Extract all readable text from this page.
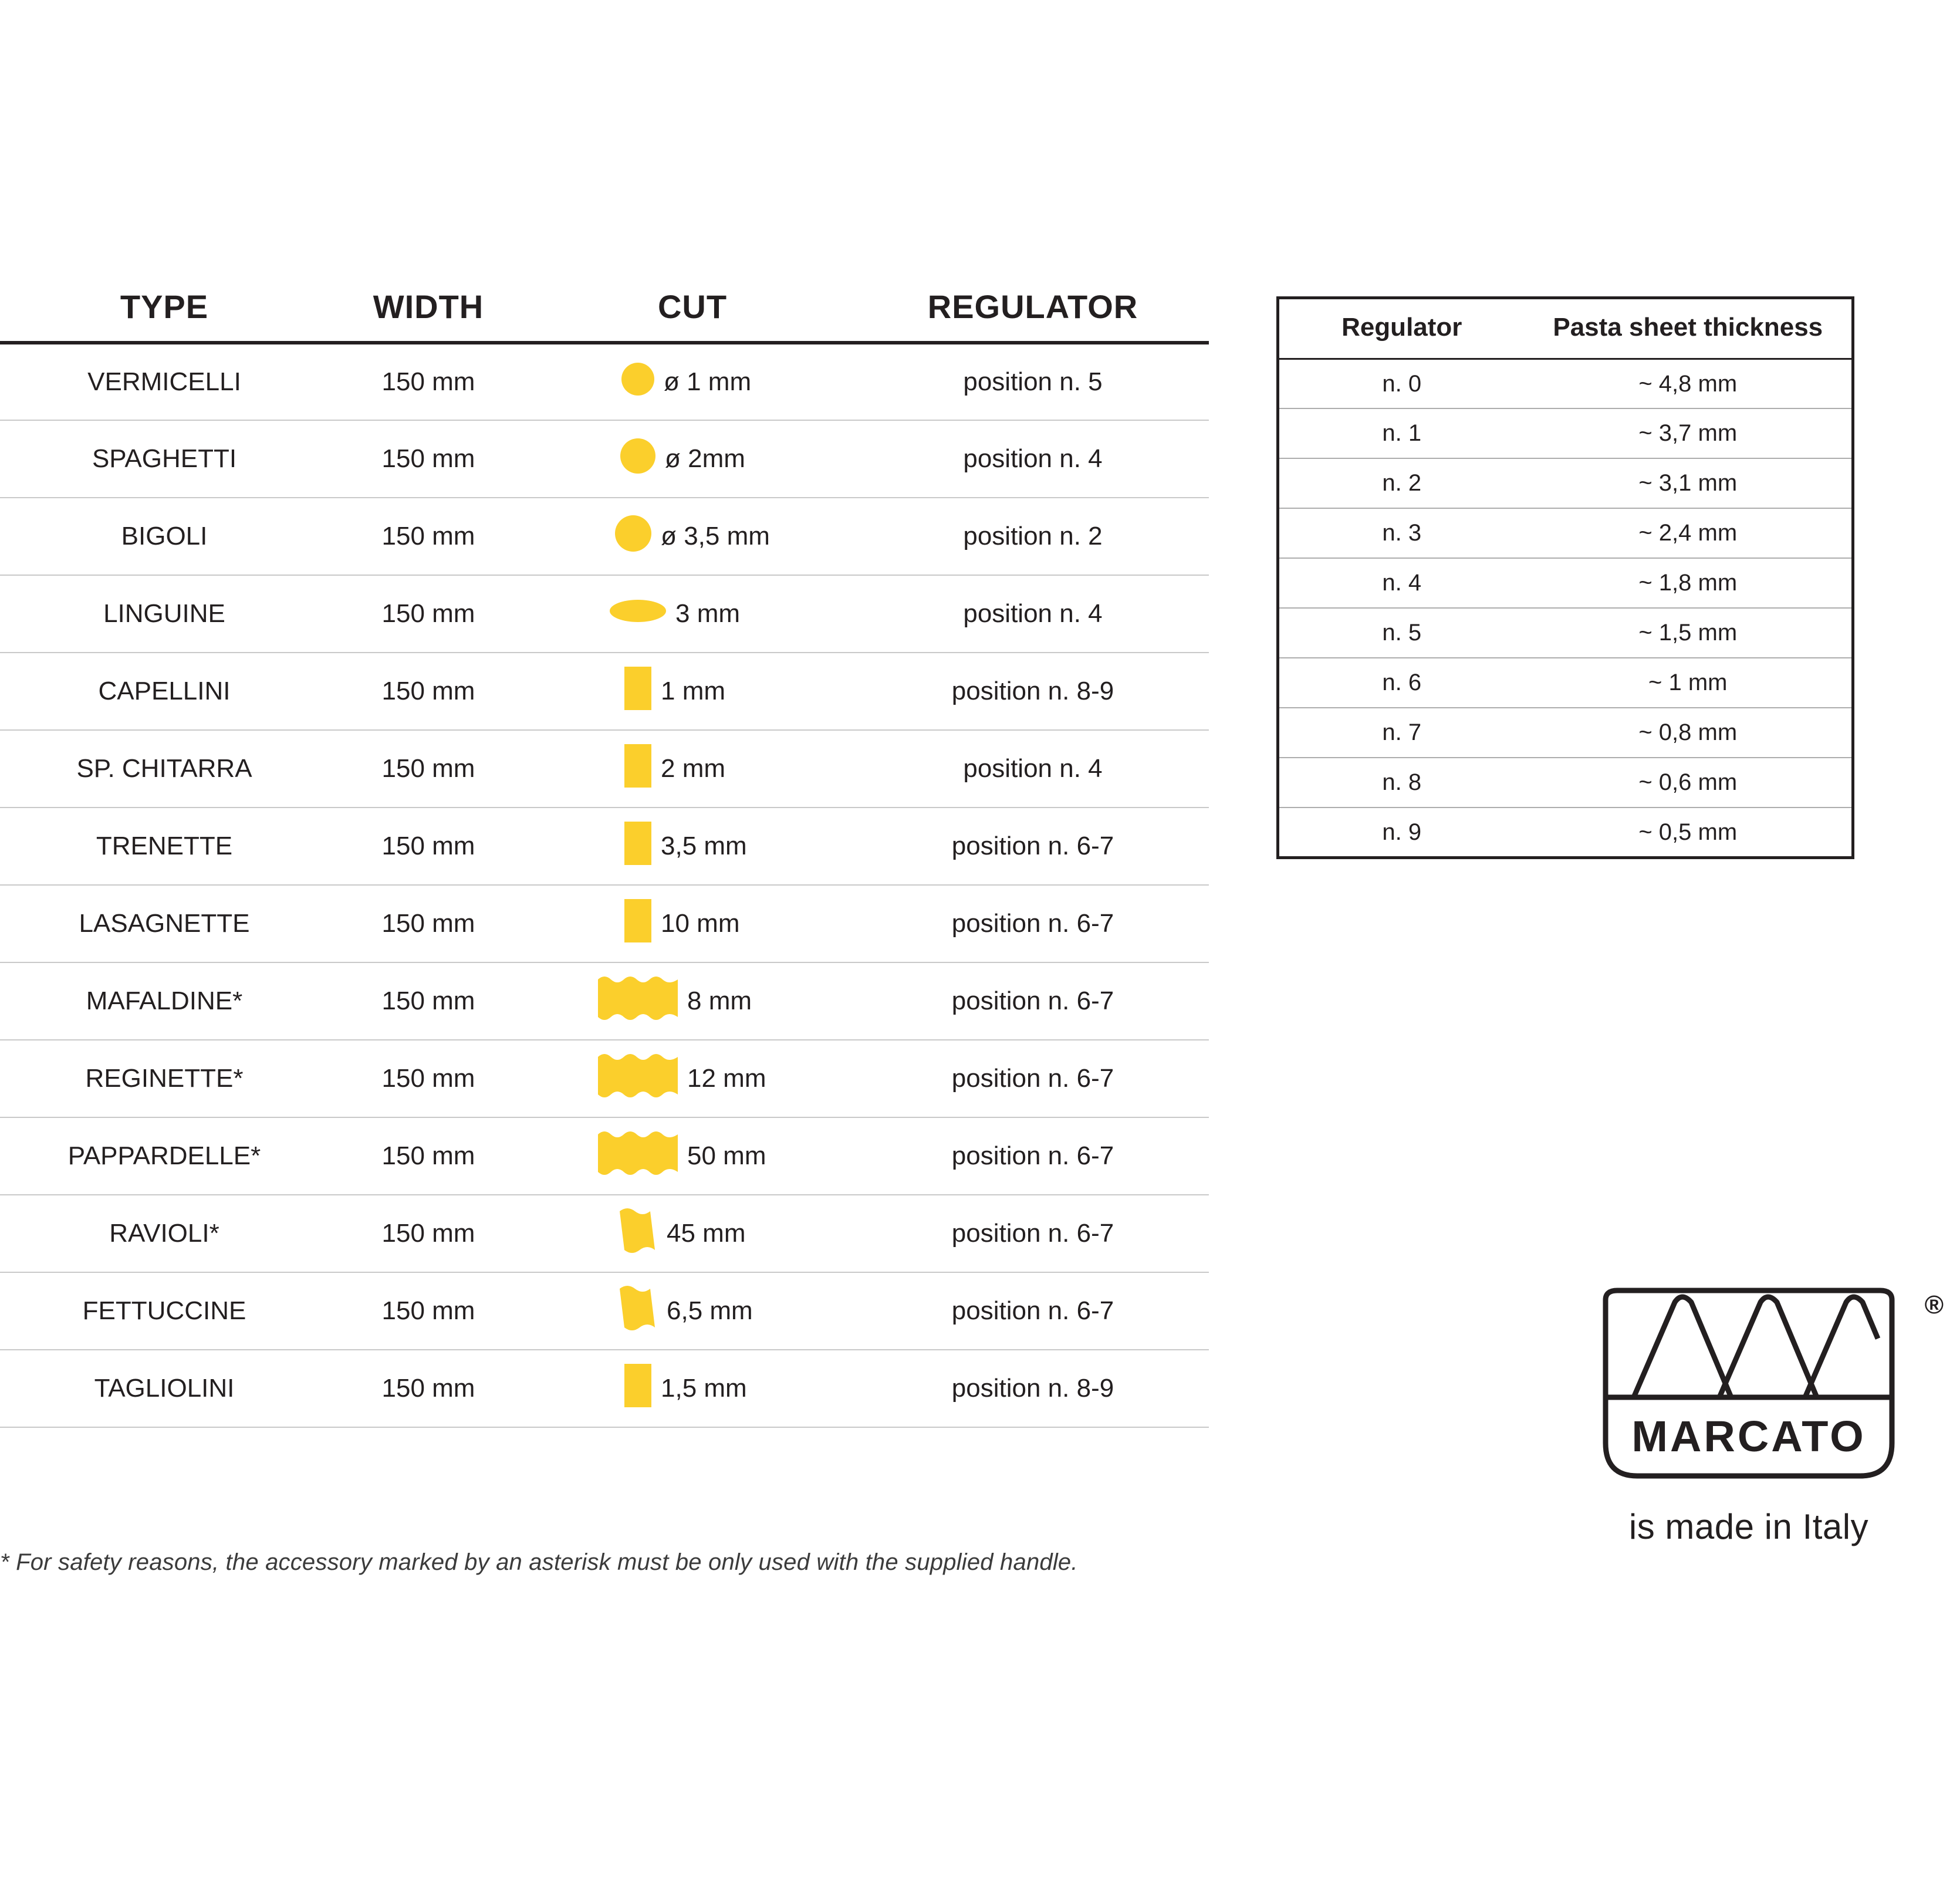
TYPE	WIDTH	CUT	REGULATOR
VERMICELLI	150 mm	ø 1 mm	position n. 5
SPAGHETTI	150 mm	ø 2mm	position n. 4
BIGOLI	150 mm	ø 3,5 mm	position n. 2
LINGUINE	150 mm	3 mm	position n. 4
CAPELLINI	150 mm	1 mm	position n. 8-9
SP. CHITARRA	150 mm	2 mm	position n. 4
TRENETTE	150 mm	3,5 mm	position n. 6-7
LASAGNETTE	150 mm	10 mm	position n. 6-7
MAFALDINE*	150 mm	8 mm	position n. 6-7
REGINETTE*	150 mm	12 mm	position n. 6-7
PAPPARDELLE*	150 mm	50 mm	position n. 6-7
RAVIOLI*	150 mm	45 mm	position n. 6-7
FETTUCCINE	150 mm	6,5 mm	position n. 6-7
TAGLIOLINI	150 mm	1,5 mm	position n. 8-9
Regulator	Pasta sheet thickness
n. 0	~ 4,8 mm
n. 1	~ 3,7 mm
n. 2	~ 3,1 mm
n. 3	~ 2,4 mm
n. 4	~ 1,8 mm
n. 5	~ 1,5 mm
n. 6	~ 1 mm
n. 7	~ 0,8 mm
n. 8	~ 0,6 mm
n. 9	~ 0,5 mm
* For safety reasons, the accessory marked by an asterisk must be only used with the supplied handle.
MARCATO
®
is made in Italy
